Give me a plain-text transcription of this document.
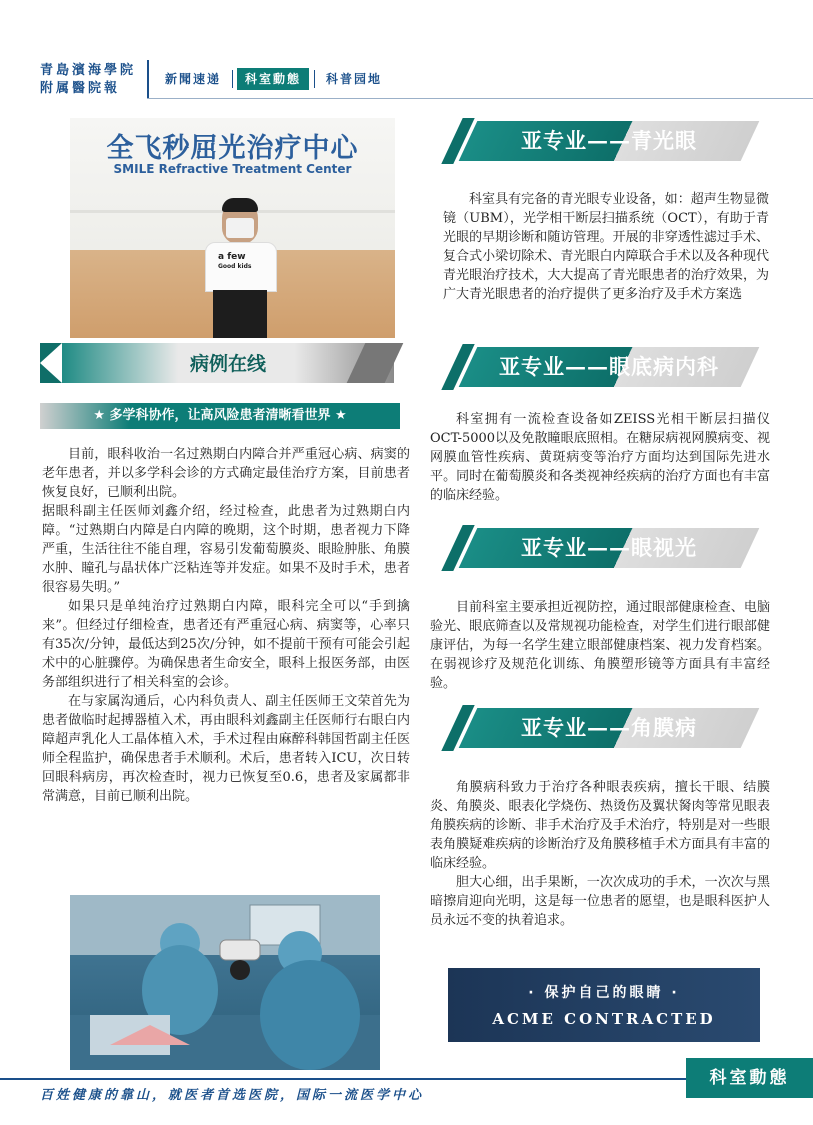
青島濱海學院
附属醫院報
新聞速递	科室動態	科普园地
全飞秒屈光治疗中心
SMILE Refractive Treatment Center
a few
Good kids
病例在线
★ 多学科协作，让高风险患者清晰看世界 ★

目前，眼科收治一名过熟期白内障合并严重冠心病、病窦的老年患者，并以多学科会诊的方式确定最佳治疗方案，目前患者恢复良好，已顺利出院。

据眼科副主任医师刘鑫介绍，经过检查，此患者为过熟期白内障。“过熟期白内障是白内障的晚期，这个时期，患者视力下降严重，生活往往不能自理，容易引发葡萄膜炎、眼睑肿胀、角膜水肿、瞳孔与晶状体广泛粘连等并发症。如果不及时手术，患者很容易失明。”

如果只是单纯治疗过熟期白内障，眼科完全可以“手到擒来”。但经过仔细检查，患者还有严重冠心病、病窦等，心率只有35次/分钟，最低达到25次/分钟，如不提前干预有可能会引起术中的心脏骤停。为确保患者生命安全，眼科上报医务部，由医务部组织进行了相关科室的会诊。

在与家属沟通后，心内科负责人、副主任医师王文荣首先为患者做临时起搏器植入术，再由眼科刘鑫副主任医师行右眼白内障超声乳化人工晶体植入术，手术过程由麻醉科韩国哲副主任医师全程监护，确保患者手术顺利。术后，患者转入ICU，次日转回眼科病房，再次检查时，视力已恢复至0.6，患者及家属都非常满意，目前已顺利出院。

亚专业——青光眼

科室具有完备的青光眼专业设备，如：超声生物显微镜（UBM），光学相干断层扫描系统（OCT），有助于青光眼的早期诊断和随访管理。开展的非穿透性滤过手术、复合式小梁切除术、青光眼白内障联合手术以及各种现代青光眼治疗技术，大大提高了青光眼患者的治疗效果，为广大青光眼患者的治疗提供了更多治疗及手术方案选

亚专业——眼底病内科

科室拥有一流检查设备如ZEISS光相干断层扫描仪OCT-5000以及免散瞳眼底照相。在糖尿病视网膜病变、视网膜血管性疾病、黄斑病变等治疗方面均达到国际先进水平。同时在葡萄膜炎和各类视神经疾病的治疗方面也有丰富的临床经验。

亚专业——眼视光

目前科室主要承担近视防控，通过眼部健康检查、电脑验光、眼底筛查以及常规视功能检查，对学生们进行眼部健康评估，为每一名学生建立眼部健康档案、视力发育档案。在弱视诊疗及规范化训练、角膜塑形镜等方面具有丰富经验。

亚专业——角膜病

角膜病科致力于治疗各种眼表疾病，擅长干眼、结膜炎、角膜炎、眼表化学烧伤、热烫伤及翼状胬肉等常见眼表角膜疾病的诊断、非手术治疗及手术治疗，特别是对一些眼表角膜疑难疾病的诊断治疗及角膜移植手术方面具有丰富的临床经验。

胆大心细，出手果断，一次次成功的手术，一次次与黑暗擦肩迎向光明，这是每一位患者的愿望，也是眼科医护人员永远不变的执着追求。

· 保护自己的眼睛 ·
ACME CONTRACTED
百姓健康的靠山，就医者首选医院，国际一流医学中心
科室動態
